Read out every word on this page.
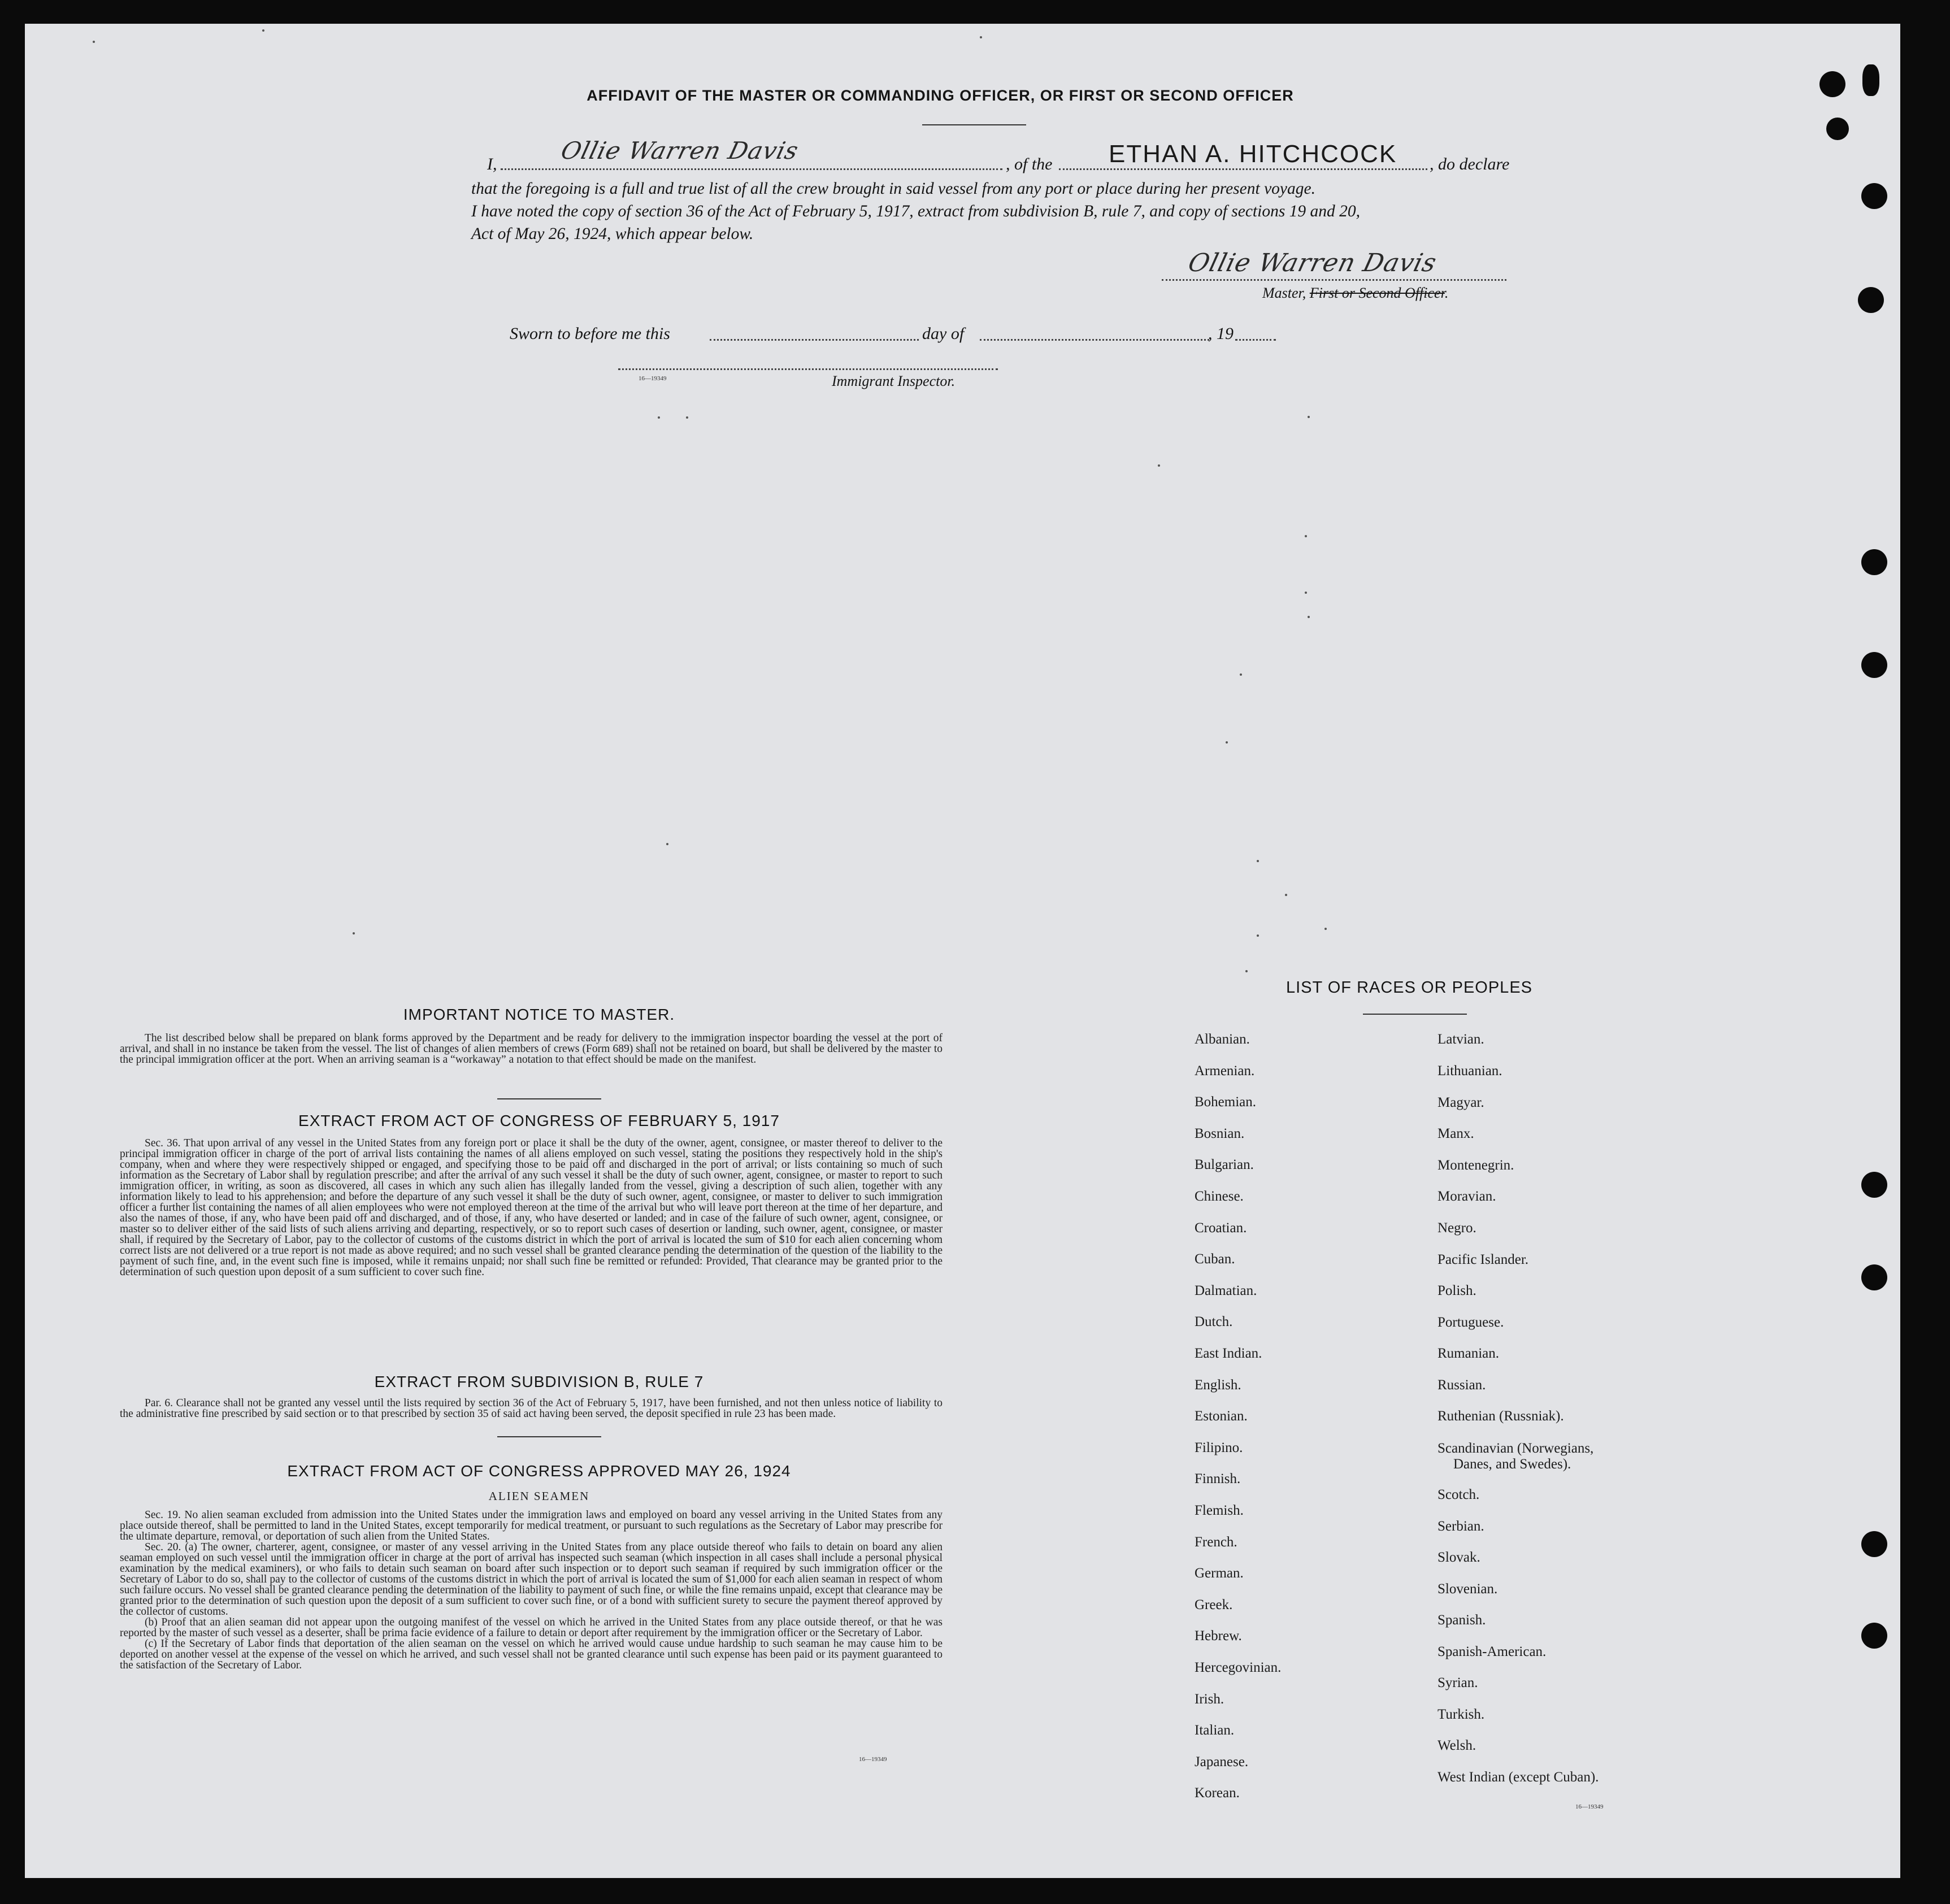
AFFIDAVIT OF THE MASTER OR COMMANDING OFFICER, OR FIRST OR SECOND OFFICER
I,	Ollie Warren Davis	, of the ETHAN A. HITCHCOCK , do declare
that the foregoing is a full and true list of all the crew brought in said vessel from any port or place during her present voyage.
I have noted the copy of section 36 of the Act of February 5, 1917, extract from subdivision B, rule 7, and copy of sections 19 and 20,
Act of May 26, 1924, which appear below.
Ollie Warren Davis
Master, First or Second Officer.
Sworn to before me this	day of	, 19
16—19349	Immigrant Inspector.
IMPORTANT NOTICE TO MASTER.

The list described below shall be prepared on blank forms approved by the Department and be ready for delivery to the immigration inspector boarding the vessel at the port of arrival, and shall in no instance be taken from the vessel. The list of changes of alien members of crews (Form 689) shall not be retained on board, but shall be delivered by the master to the principal immigration officer at the port. When an arriving seaman is a “workaway” a notation to that effect should be made on the manifest.

EXTRACT FROM ACT OF CONGRESS OF FEBRUARY 5, 1917

Sec. 36. That upon arrival of any vessel in the United States from any foreign port or place it shall be the duty of the owner, agent, consignee, or master thereof to deliver to the principal immigration officer in charge of the port of arrival lists containing the names of all aliens employed on such vessel, stating the positions they respectively hold in the ship's company, when and where they were respectively shipped or engaged, and specifying those to be paid off and discharged in the port of arrival; or lists containing so much of such information as the Secretary of Labor shall by regulation prescribe; and after the arrival of any such vessel it shall be the duty of such owner, agent, consignee, or master to report to such immigration officer, in writing, as soon as discovered, all cases in which any such alien has illegally landed from the vessel, giving a description of such alien, together with any information likely to lead to his apprehension; and before the departure of any such vessel it shall be the duty of such owner, agent, consignee, or master to deliver to such immigration officer a further list containing the names of all alien employees who were not employed thereon at the time of the arrival but who will leave port thereon at the time of her departure, and also the names of those, if any, who have been paid off and discharged, and of those, if any, who have deserted or landed; and in case of the failure of such owner, agent, consignee, or master so to deliver either of the said lists of such aliens arriving and departing, respectively, or so to report such cases of desertion or landing, such owner, agent, consignee, or master shall, if required by the Secretary of Labor, pay to the collector of customs of the customs district in which the port of arrival is located the sum of $10 for each alien concerning whom correct lists are not delivered or a true report is not made as above required; and no such vessel shall be granted clearance pending the determination of the question of the liability to the payment of such fine, and, in the event such fine is imposed, while it remains unpaid; nor shall such fine be remitted or refunded: Provided, That clearance may be granted prior to the determination of such question upon deposit of a sum sufficient to cover such fine.

EXTRACT FROM SUBDIVISION B, RULE 7

Par. 6. Clearance shall not be granted any vessel until the lists required by section 36 of the Act of February 5, 1917, have been furnished, and not then unless notice of liability to the administrative fine prescribed by said section or to that prescribed by section 35 of said act having been served, the deposit specified in rule 23 has been made.

EXTRACT FROM ACT OF CONGRESS APPROVED MAY 26, 1924
ALIEN SEAMEN

Sec. 19. No alien seaman excluded from admission into the United States under the immigration laws and employed on board any vessel arriving in the United States from any place outside thereof, shall be permitted to land in the United States, except temporarily for medical treatment, or pursuant to such regulations as the Secretary of Labor may prescribe for the ultimate departure, removal, or deportation of such alien from the United States.

Sec. 20. (a) The owner, charterer, agent, consignee, or master of any vessel arriving in the United States from any place outside thereof who fails to detain on board any alien seaman employed on such vessel until the immigration officer in charge at the port of arrival has inspected such seaman (which inspection in all cases shall include a personal physical examination by the medical examiners), or who fails to detain such seaman on board after such inspection or to deport such seaman if required by such immigration officer or the Secretary of Labor to do so, shall pay to the collector of customs of the customs district in which the port of arrival is located the sum of $1,000 for each alien seaman in respect of whom such failure occurs. No vessel shall be granted clearance pending the determination of the liability to payment of such fine, or while the fine remains unpaid, except that clearance may be granted prior to the determination of such question upon the deposit of a sum sufficient to cover such fine, or of a bond with sufficient surety to secure the payment thereof approved by the collector of customs.

(b) Proof that an alien seaman did not appear upon the outgoing manifest of the vessel on which he arrived in the United States from any place outside thereof, or that he was reported by the master of such vessel as a deserter, shall be prima facie evidence of a failure to detain or deport after requirement by the immigration officer or the Secretary of Labor.

(c) If the Secretary of Labor finds that deportation of the alien seaman on the vessel on which he arrived would cause undue hardship to such seaman he may cause him to be deported on another vessel at the expense of the vessel on which he arrived, and such vessel shall not be granted clearance until such expense has been paid or its payment guaranteed to the satisfaction of the Secretary of Labor.

16—19349
LIST OF RACES OR PEOPLES
Albanian.
Armenian.
Bohemian.
Bosnian.
Bulgarian.
Chinese.
Croatian.
Cuban.
Dalmatian.
Dutch.
East Indian.
English.
Estonian.
Filipino.
Finnish.
Flemish.
French.
German.
Greek.
Hebrew.
Hercegovinian.
Irish.
Italian.
Japanese.
Korean.
Latvian.
Lithuanian.
Magyar.
Manx.
Montenegrin.
Moravian.
Negro.
Pacific Islander.
Polish.
Portuguese.
Rumanian.
Russian.
Ruthenian (Russniak).
Scandinavian (Norwegians,
Danes, and Swedes).
Scotch.
Serbian.
Slovak.
Slovenian.
Spanish.
Spanish-American.
Syrian.
Turkish.
Welsh.
West Indian (except Cuban).
16—19349
